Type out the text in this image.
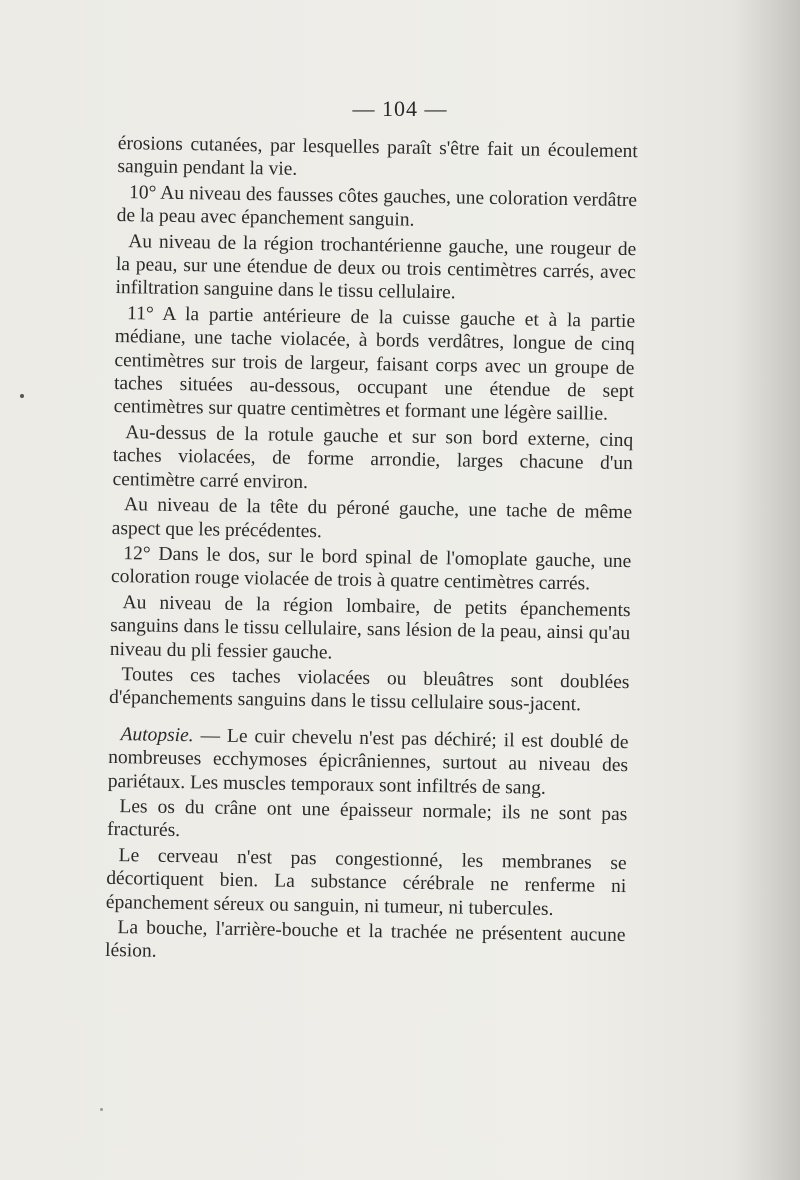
— 104 —

érosions cutanées, par lesquelles paraît s'être fait un écoulement sanguin pendant la vie.

10° Au niveau des fausses côtes gauches, une coloration verdâtre de la peau avec épanchement sanguin.

Au niveau de la région trochantérienne gauche, une rougeur de la peau, sur une étendue de deux ou trois centimètres carrés, avec infiltration sanguine dans le tissu cellulaire.

11° A la partie antérieure de la cuisse gauche et à la partie médiane, une tache violacée, à bords verdâtres, longue de cinq centimètres sur trois de largeur, faisant corps avec un groupe de taches situées au-dessous, occupant une étendue de sept centimètres sur quatre centimètres et formant une légère saillie.

Au-dessus de la rotule gauche et sur son bord externe, cinq taches violacées, de forme arrondie, larges chacune d'un centimètre carré environ.

Au niveau de la tête du péroné gauche, une tache de même aspect que les précédentes.

12° Dans le dos, sur le bord spinal de l'omoplate gauche, une coloration rouge violacée de trois à quatre centimètres carrés.

Au niveau de la région lombaire, de petits épanchements sanguins dans le tissu cellulaire, sans lésion de la peau, ainsi qu'au niveau du pli fessier gauche.

Toutes ces taches violacées ou bleuâtres sont doublées d'épanchements sanguins dans le tissu cellulaire sous-jacent.

Autopsie. — Le cuir chevelu n'est pas déchiré; il est doublé de nombreuses ecchymoses épicrâniennes, surtout au niveau des pariétaux. Les muscles temporaux sont infiltrés de sang.

Les os du crâne ont une épaisseur normale; ils ne sont pas fracturés.

Le cerveau n'est pas congestionné, les membranes se décortiquent bien. La substance cérébrale ne renferme ni épanchement séreux ou sanguin, ni tumeur, ni tubercules.

La bouche, l'arrière-bouche et la trachée ne présentent aucune lésion.
